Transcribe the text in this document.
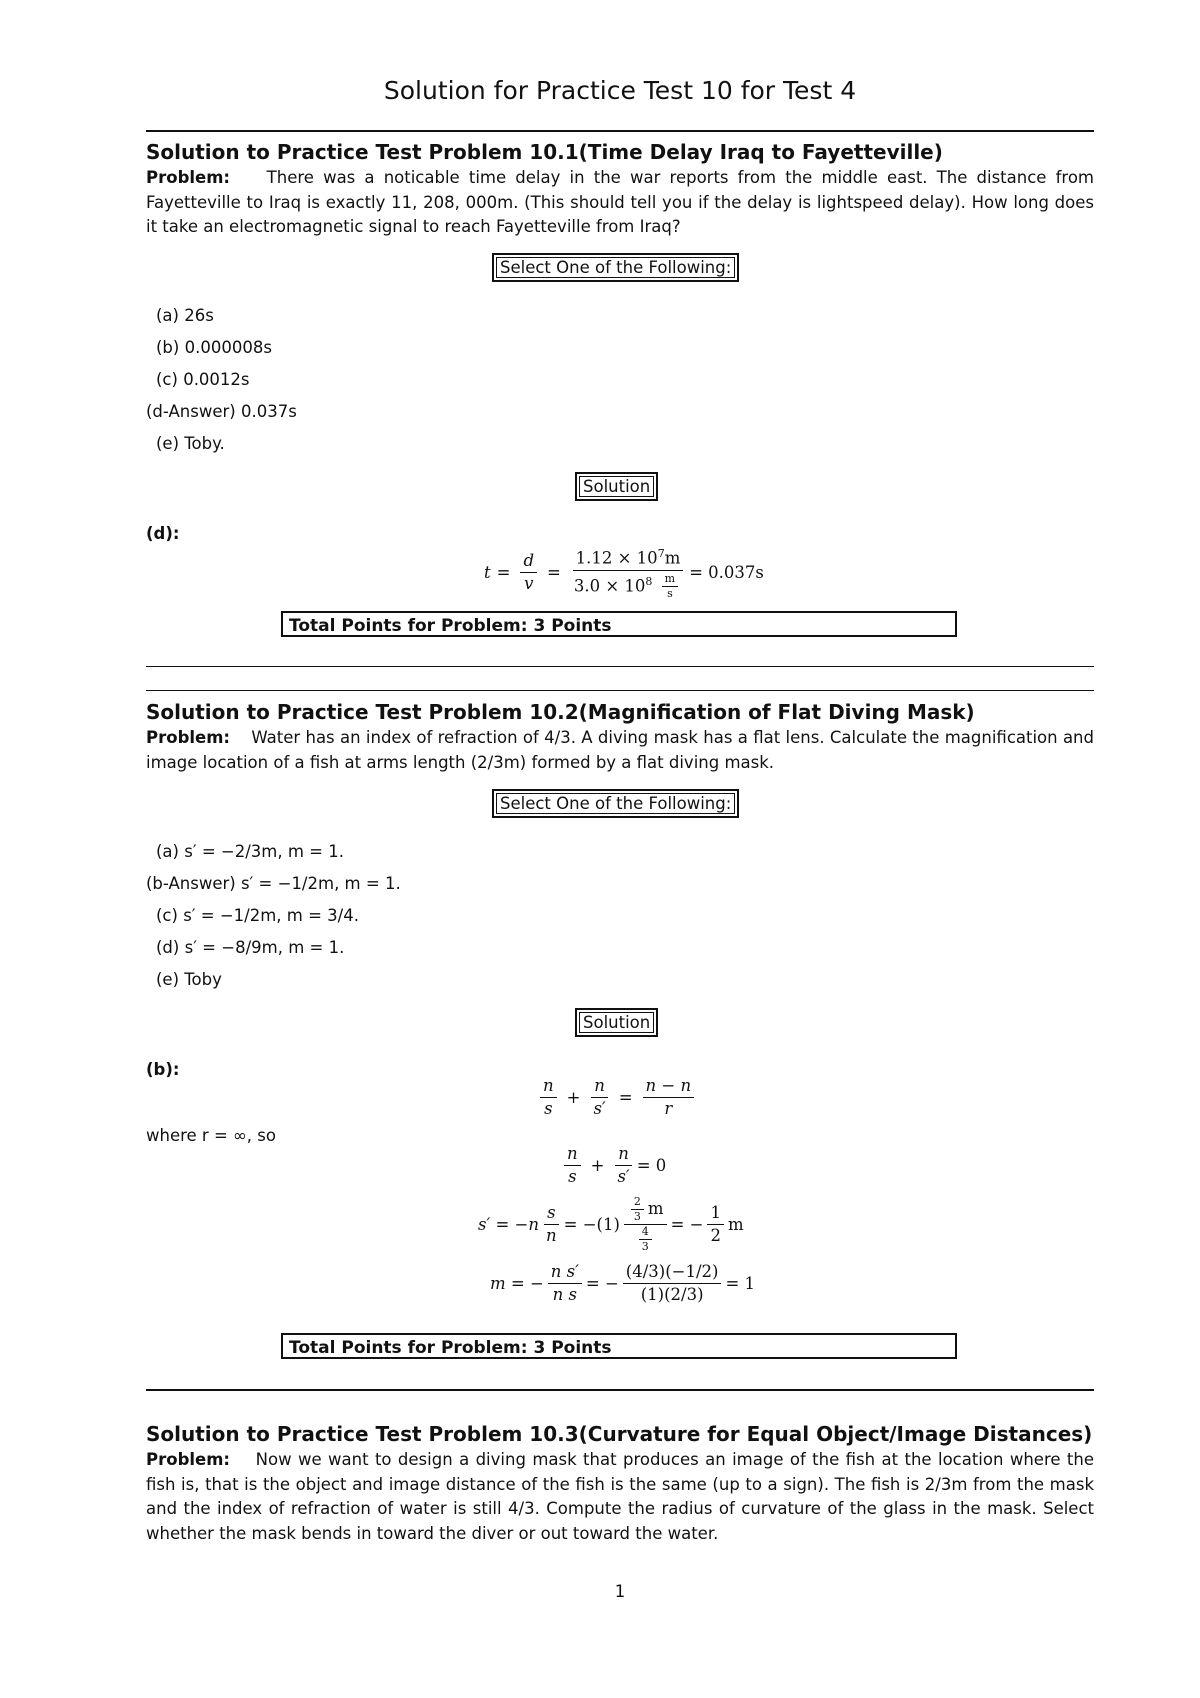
Solution for Practice Test 10 for Test 4
Solution to Practice Test Problem 10.1(Time Delay Iraq to Fayetteville)
Problem: There was a noticable time delay in the war reports from the middle east. The distance from Fayetteville to Iraq is exactly 11, 208, 000m. (This should tell you if the delay is lightspeed delay). How long does it take an electromagnetic signal to reach Fayetteville from Iraq?
Select One of the Following:
(a) 26s
(b) 0.000008s
(c) 0.0012s
(d-Answer) 0.037s
(e) Toby.
Solution
(d):
$t = \frac{d}{v} = \frac{1.12 \times 10^7m}{3.0 \times 10^8 \frac{m}{s}} = 0.037s$
Total Points for Problem: 3 Points
Solution to Practice Test Problem 10.2(Magnification of Flat Diving Mask)
Problem: Water has an index of refraction of 4/3. A diving mask has a flat lens. Calculate the magnification and image location of a fish at arms length (2/3m) formed by a flat diving mask.
Select One of the Following:
(a) s′ = −2/3m, m = 1.
(b-Answer) s′ = −1/2m, m = 1.
(c) s′ = −1/2m, m = 3/4.
(d) s′ = −8/9m, m = 1.
(e) Toby
Solution
(b):
$\frac{n}{s} + \frac{n}{s'} = \frac{n - n}{r}$
where r = ∞, so
$\frac{n}{s} + \frac{n}{s'} = 0$
$s' = -n \frac{s}{n} = -(1) \frac{\frac{2}{3} m}{\frac{4}{3}}$ = − $\frac{1}{2}$ m
m = − $\frac{\text{n s′}}{\text{n s}}$ = − $\frac{(4/3)(-1/2)}{(1)(2/3)} = 1$
Total Points for Problem: 3 Points
Solution to Practice Test Problem 10.3(Curvature for Equal Object/Image Distances)
Problem: Now we want to design a diving mask that produces an image of the fish at the location where the fish is, that is the object and image distance of the fish is the same (up to a sign). The fish is 2/3m from the mask and the index of refraction of water is still 4/3. Compute the radius of curvature of the glass in the mask. Select whether the mask bends in toward the diver or out toward the water.
1
